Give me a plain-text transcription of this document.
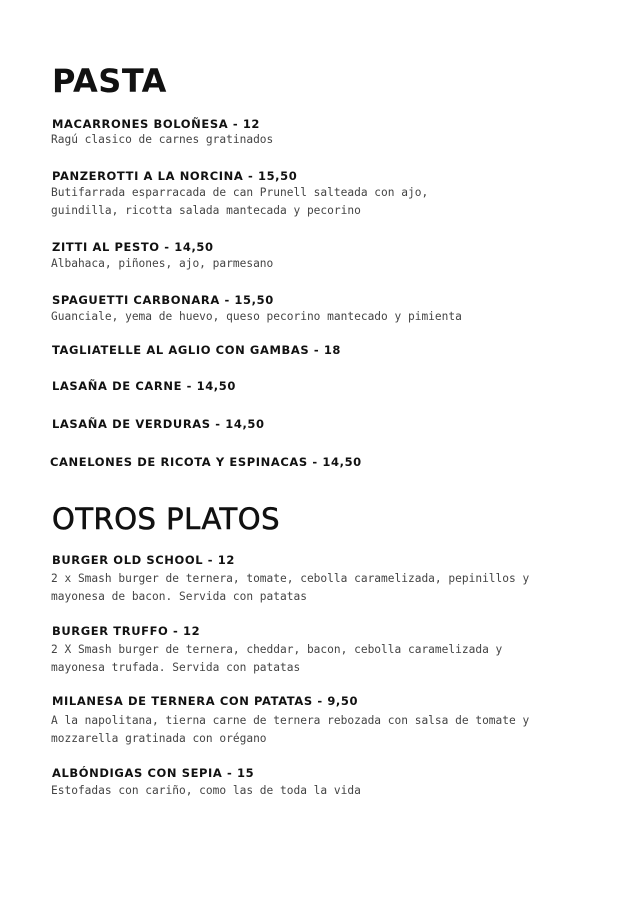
PASTA
MACARRONES BOLOÑESA - 12
Ragú clasico de carnes gratinados
PANZEROTTI A LA NORCINA - 15,50
Butifarrada esparracada de can Prunell salteada con ajo,
guindilla, ricotta salada mantecada y pecorino
ZITTI AL PESTO - 14,50
Albahaca, piñones, ajo, parmesano
SPAGUETTI CARBONARA - 15,50
Guanciale, yema de huevo, queso pecorino mantecado y pimienta
TAGLIATELLE AL AGLIO CON GAMBAS - 18
LASAÑA DE CARNE - 14,50
LASAÑA DE VERDURAS - 14,50
CANELONES DE RICOTA Y ESPINACAS - 14,50
OTROS PLATOS
BURGER OLD SCHOOL - 12
2 x Smash burger de ternera, tomate, cebolla caramelizada, pepinillos y
mayonesa de bacon. Servida con patatas
BURGER TRUFFO - 12
2 X Smash burger de ternera, cheddar, bacon, cebolla caramelizada y
mayonesa trufada. Servida con patatas
MILANESA DE TERNERA CON PATATAS - 9,50
A la napolitana, tierna carne de ternera rebozada con salsa de tomate y
mozzarella gratinada con orégano
ALBÓNDIGAS CON SEPIA - 15
Estofadas con cariño, como las de toda la vida
